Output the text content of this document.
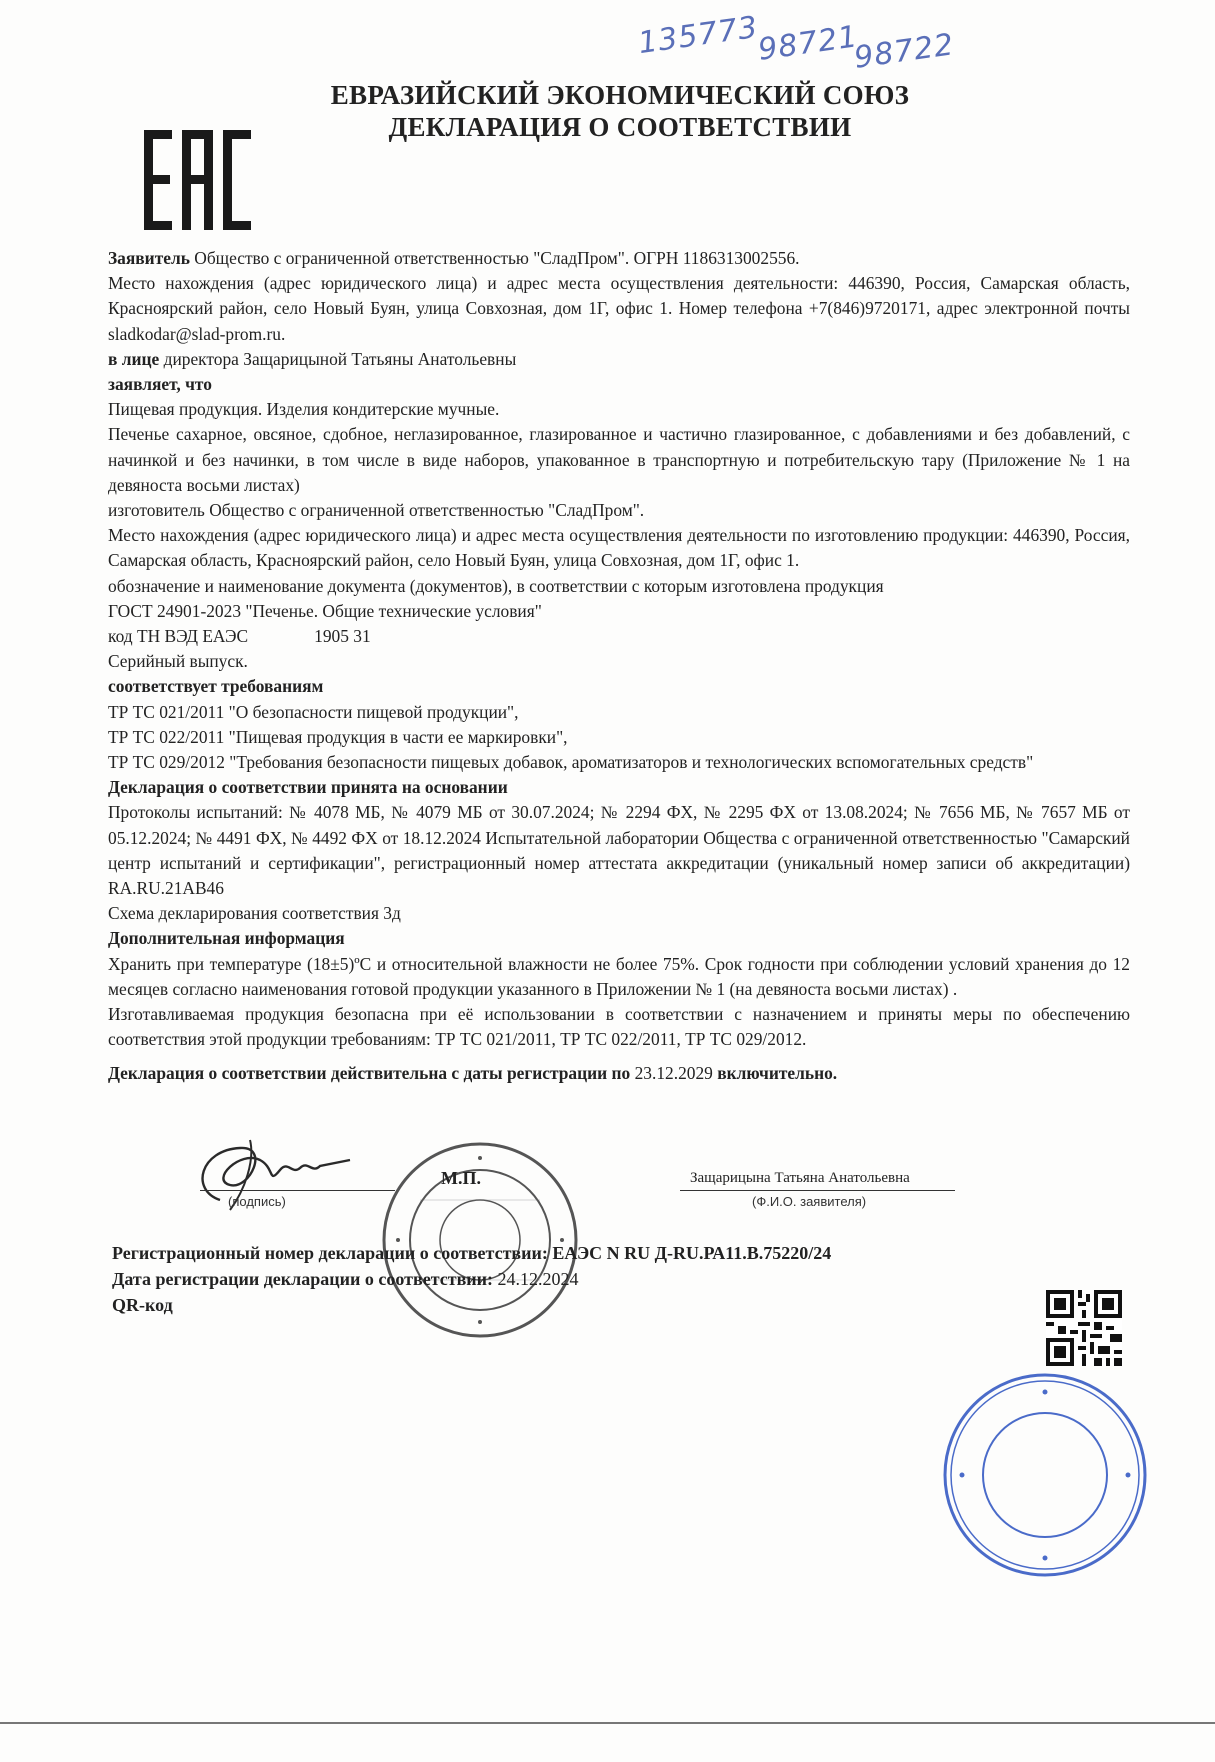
135773
98721
98722
ЕВРАЗИЙСКИЙ ЭКОНОМИЧЕСКИЙ СОЮЗ
ДЕКЛАРАЦИЯ О СООТВЕТСТВИИ

Заявитель Общество с ограниченной ответственностью "СладПром". ОГРН 1186313002556.

Место нахождения (адрес юридического лица) и адрес места осуществления деятельности: 446390, Россия, Самарская область, Красноярский район, село Новый Буян, улица Совхозная, дом 1Г, офис 1. Номер телефона +7(846)9720171, адрес электронной почты sladkodar@slad-prom.ru.

в лице директора Защарицыной Татьяны Анатольевны

заявляет, что

Пищевая продукция. Изделия кондитерские мучные.

Печенье сахарное, овсяное, сдобное, неглазированное, глазированное и частично глазированное, с добавлениями и без добавлений, с начинкой и без начинки, в том числе в виде наборов, упакованное в транспортную и потребительскую тару (Приложение № 1 на девяноста восьми листах)

изготовитель Общество с ограниченной ответственностью "СладПром".

Место нахождения (адрес юридического лица) и адрес места осуществления деятельности по изготовлению продукции: 446390, Россия, Самарская область, Красноярский район, село Новый Буян, улица Совхозная, дом 1Г, офис 1.

обозначение и наименование документа (документов), в соответствии с которым изготовлена продукция

ГОСТ 24901-2023 "Печенье. Общие технические условия"

код ТН ВЭД ЕАЭС	1905 31

Серийный выпуск.

соответствует требованиям

ТР ТС 021/2011 "О безопасности пищевой продукции",

ТР ТС 022/2011 "Пищевая продукция в части ее маркировки",

ТР ТС 029/2012 "Требования безопасности пищевых добавок, ароматизаторов и технологических вспомогательных средств"

Декларация о соответствии принята на основании

Протоколы испытаний: № 4078 МБ, № 4079 МБ от 30.07.2024; № 2294 ФХ, № 2295 ФХ от 13.08.2024; № 7656 МБ, № 7657 МБ от 05.12.2024; № 4491 ФХ, № 4492 ФХ от 18.12.2024 Испытательной лаборатории Общества с ограниченной ответственностью "Самарский центр испытаний и сертификации", регистрационный номер аттестата аккредитации (уникальный номер записи об аккредитации) RA.RU.21AB46

Схема декларирования соответствия 3д

Дополнительная информация

Хранить при температуре (18±5)ºС и относительной влажности не более 75%. Срок годности при соблюдении условий хранения до 12 месяцев согласно наименования готовой продукции указанного в Приложении № 1 (на девяноста восьми листах) .

Изготавливаемая продукция безопасна при её использовании в соответствии с назначением и приняты меры по обеспечению соответствия этой продукции требованиям: ТР ТС 021/2011, ТР ТС 022/2011, ТР ТС 029/2012.

Декларация о соответствии действительна с даты регистрации по 23.12.2029 включительно.

(подпись)
Защарицына Татьяна Анатольевна
(Ф.И.О. заявителя)
М.П.
Регистрационный номер декларации о соответствии: ЕАЭС N RU Д-RU.РА11.В.75220/24
Дата регистрации декларации о соответствии: 24.12.2024
QR-код
